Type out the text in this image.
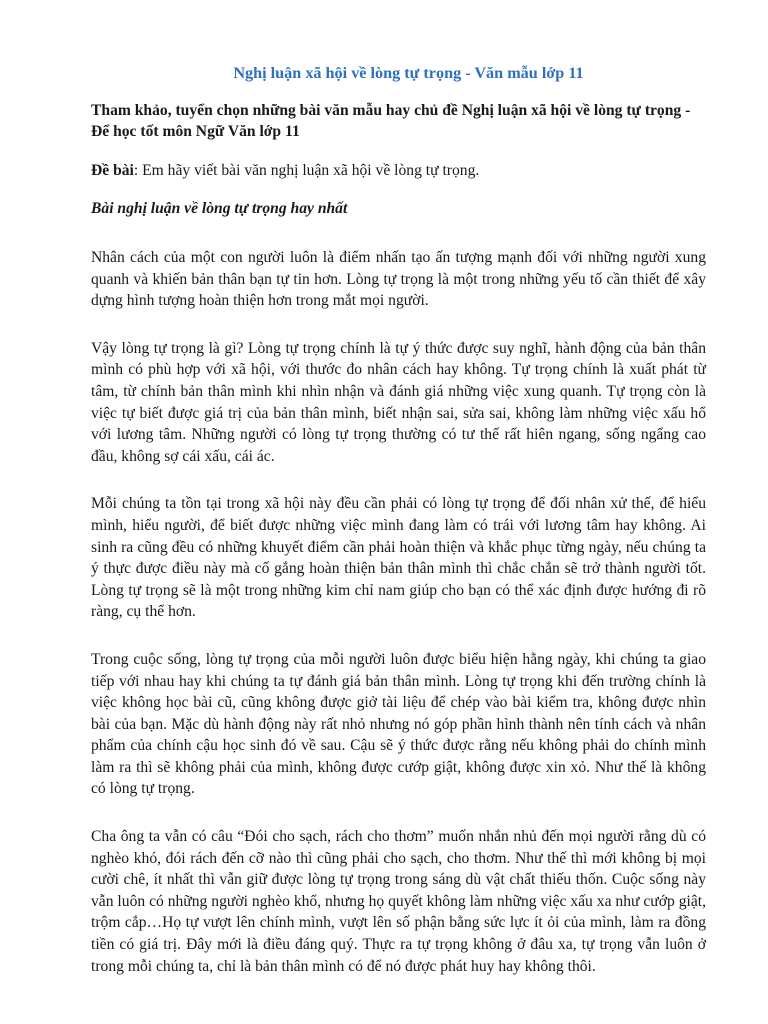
Nghị luận xã hội về lòng tự trọng - Văn mẫu lớp 11

Tham khảo, tuyển chọn những bài văn mẫu hay chủ đề Nghị luận xã hội về lòng tự trọng - Để học tốt môn Ngữ Văn lớp 11

Đề bài: Em hãy viết bài văn nghị luận xã hội về lòng tự trọng.

Bài nghị luận về lòng tự trọng hay nhất

Nhân cách của một con người luôn là điểm nhấn tạo ấn tượng mạnh đối với những người xung quanh và khiến bản thân bạn tự tin hơn. Lòng tự trọng là một trong những yếu tố cần thiết để xây dựng hình tượng hoàn thiện hơn trong mắt mọi người.

Vậy lòng tự trọng là gì? Lòng tự trọng chính là tự ý thức được suy nghĩ, hành động của bản thân mình có phù hợp với xã hội, với thước đo nhân cách hay không. Tự trọng chính là xuất phát từ tâm, từ chính bản thân mình khi nhìn nhận và đánh giá những việc xung quanh. Tự trọng còn là việc tự biết được giá trị của bản thân mình, biết nhận sai, sửa sai, không làm những việc xấu hổ với lương tâm. Những người có lòng tự trọng thường có tư thế rất hiên ngang, sống ngẩng cao đầu, không sợ cái xấu, cái ác.

Mỗi chúng ta tồn tại trong xã hội này đều cần phải có lòng tự trọng để đối nhân xử thế, để hiểu mình, hiểu người, để biết được những việc mình đang làm có trái với lương tâm hay không. Ai sinh ra cũng đều có những khuyết điểm cần phải hoàn thiện và khắc phục từng ngày, nếu chúng ta ý thực được điều này mà cố gắng hoàn thiện bản thân mình thì chắc chắn sẽ trở thành người tốt. Lòng tự trọng sẽ là một trong những kim chỉ nam giúp cho bạn có thể xác định được hướng đi rõ ràng, cụ thể hơn.

Trong cuộc sống, lòng tự trọng của mỗi người luôn được biểu hiện hằng ngày, khi chúng ta giao tiếp với nhau hay khi chúng ta tự đánh giá bản thân mình. Lòng tự trọng khi đến trường chính là việc không học bài cũ, cũng không được giở tài liệu để chép vào bài kiểm tra, không được nhìn bài của bạn. Mặc dù hành động này rất nhỏ nhưng nó góp phần hình thành nên tính cách và nhân phẩm của chính cậu học sinh đó về sau. Cậu sẽ ý thức được rằng nếu không phải do chính mình làm ra thì sẽ không phải của mình, không được cướp giật, không được xin xỏ. Như thế là không có lòng tự trọng.

Cha ông ta vẫn có câu “Đói cho sạch, rách cho thơm” muốn nhắn nhủ đến mọi người rằng dù có nghèo khó, đói rách đến cỡ nào thì cũng phải cho sạch, cho thơm. Như thế thì mới không bị mọi cười chê, ít nhất thì vẫn giữ được lòng tự trọng trong sáng dù vật chất thiếu thốn. Cuộc sống này vẫn luôn có những người nghèo khổ, nhưng họ quyết không làm những việc xấu xa như cướp giật, trộm cắp…Họ tự vượt lên chính mình, vượt lên số phận bằng sức lực ít ỏi của mình, làm ra đồng tiền có giá trị. Đây mới là điều đáng quý. Thực ra tự trọng không ở đâu xa, tự trọng vẫn luôn ở trong mỗi chúng ta, chỉ là bản thân mình có để nó được phát huy hay không thôi.
